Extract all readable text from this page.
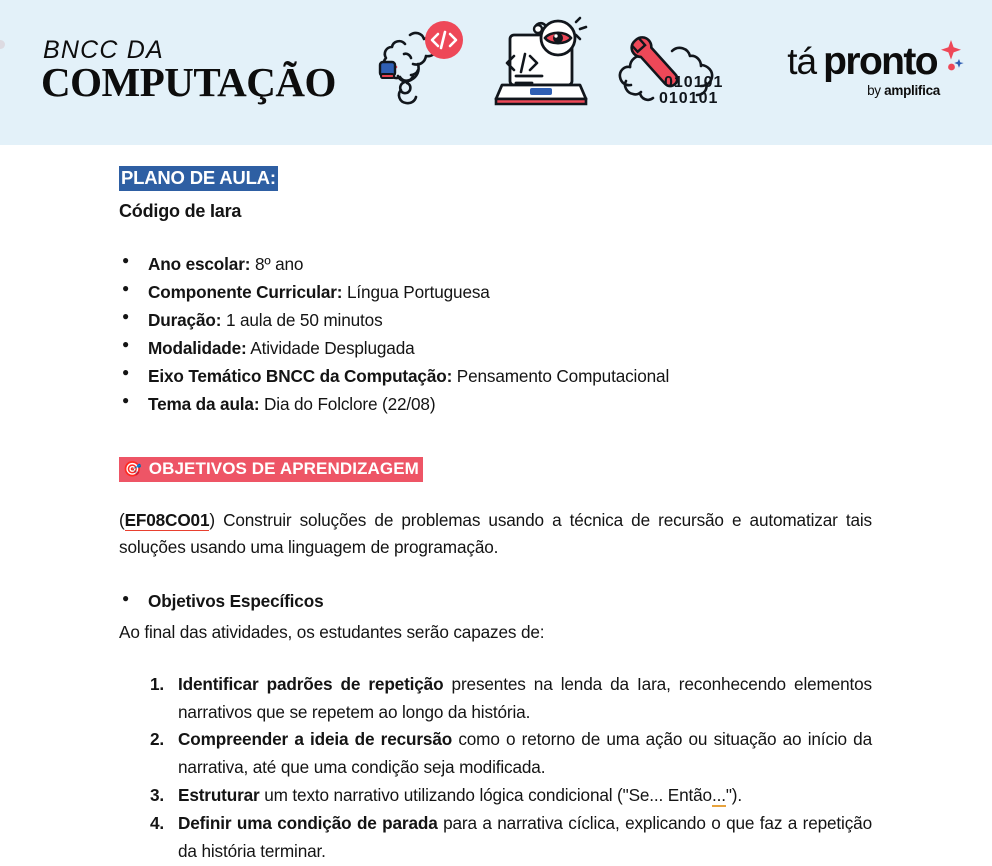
BNCC DA
COMPUTAÇÃO	010101
010101
tá pronto
by amplifica
PLANO DE AULA:
Código de Iara
● Ano escolar: 8º ano
● Componente Curricular: Língua Portuguesa
● Duração: 1 aula de 50 minutos
● Modalidade: Atividade Desplugada
● Eixo Temático BNCC da Computação: Pensamento Computacional
● Tema da aula: Dia do Folclore (22/08)
🎯 OBJETIVOS DE APRENDIZAGEM

(EF08CO01) Construir soluções de problemas usando a técnica de recursão e automatizar tais soluções usando uma linguagem de programação.

● Objetivos Específicos
Ao final das atividades, os estudantes serão capazes de:
Identificar padrões de repetição presentes na lenda da Iara, reconhecendo elementos narrativos que se repetem ao longo da história.
Compreender a ideia de recursão como o retorno de uma ação ou situação ao início da narrativa, até que uma condição seja modificada.
Estruturar um texto narrativo utilizando lógica condicional ("Se... Então...").
Definir uma condição de parada para a narrativa cíclica, explicando o que faz a repetição da história terminar.
